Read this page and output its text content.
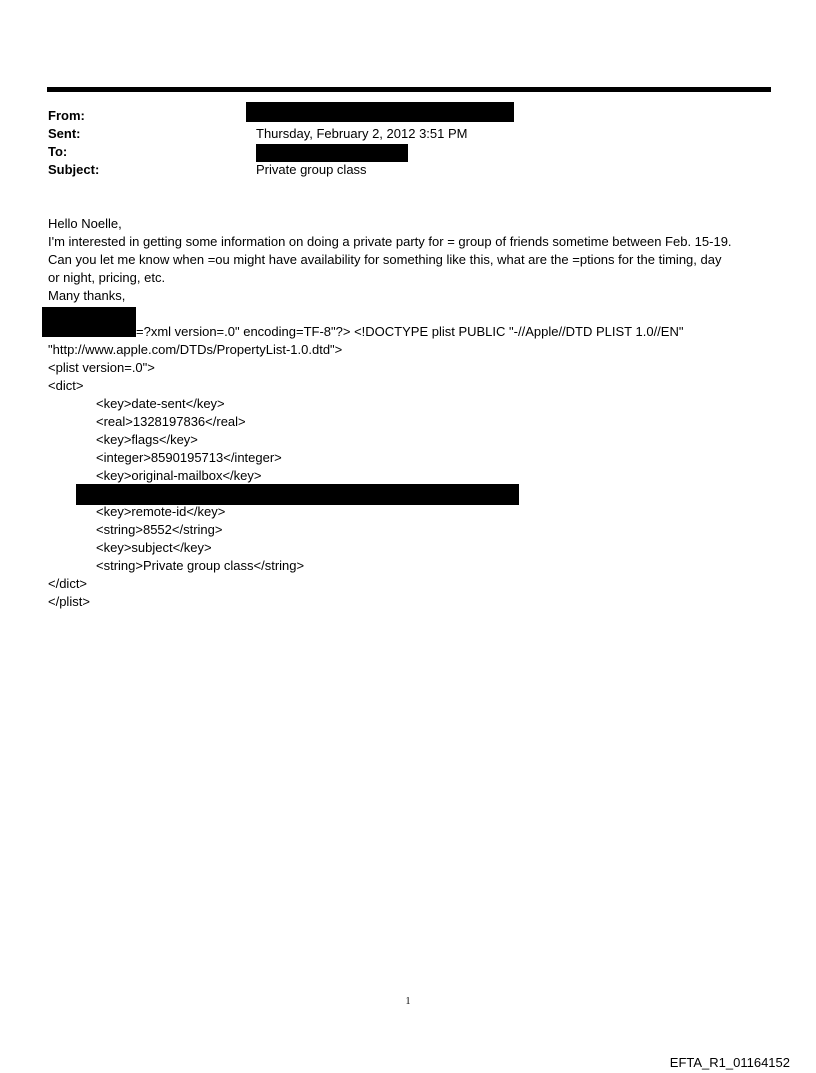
From:
Sent:	Thursday, February 2, 2012 3:51 PM
To:
Subject:	Private group class
Hello Noelle,
I'm interested in getting some information on doing a private party for = group of friends sometime between Feb. 15-19.
Can you let me know when =ou might have availability for something like this, what are the =ptions for the timing, day
or night, pricing, etc.
Many thanks,
=?xml version=.0" encoding=TF-8"?> <!DOCTYPE plist PUBLIC "-//Apple//DTD PLIST 1.0//EN"
"http://www.apple.com/DTDs/PropertyList-1.0.dtd">
<plist version=.0">
<dict>
<key>date-sent</key>
<real>1328197836</real>
<key>flags</key>
<integer>8590195713</integer>
<key>original-mailbox</key>
<key>remote-id</key>
<string>8552</string>
<key>subject</key>
<string>Private group class</string>
</dict>
</plist>
1
EFTA_R1_01164152
